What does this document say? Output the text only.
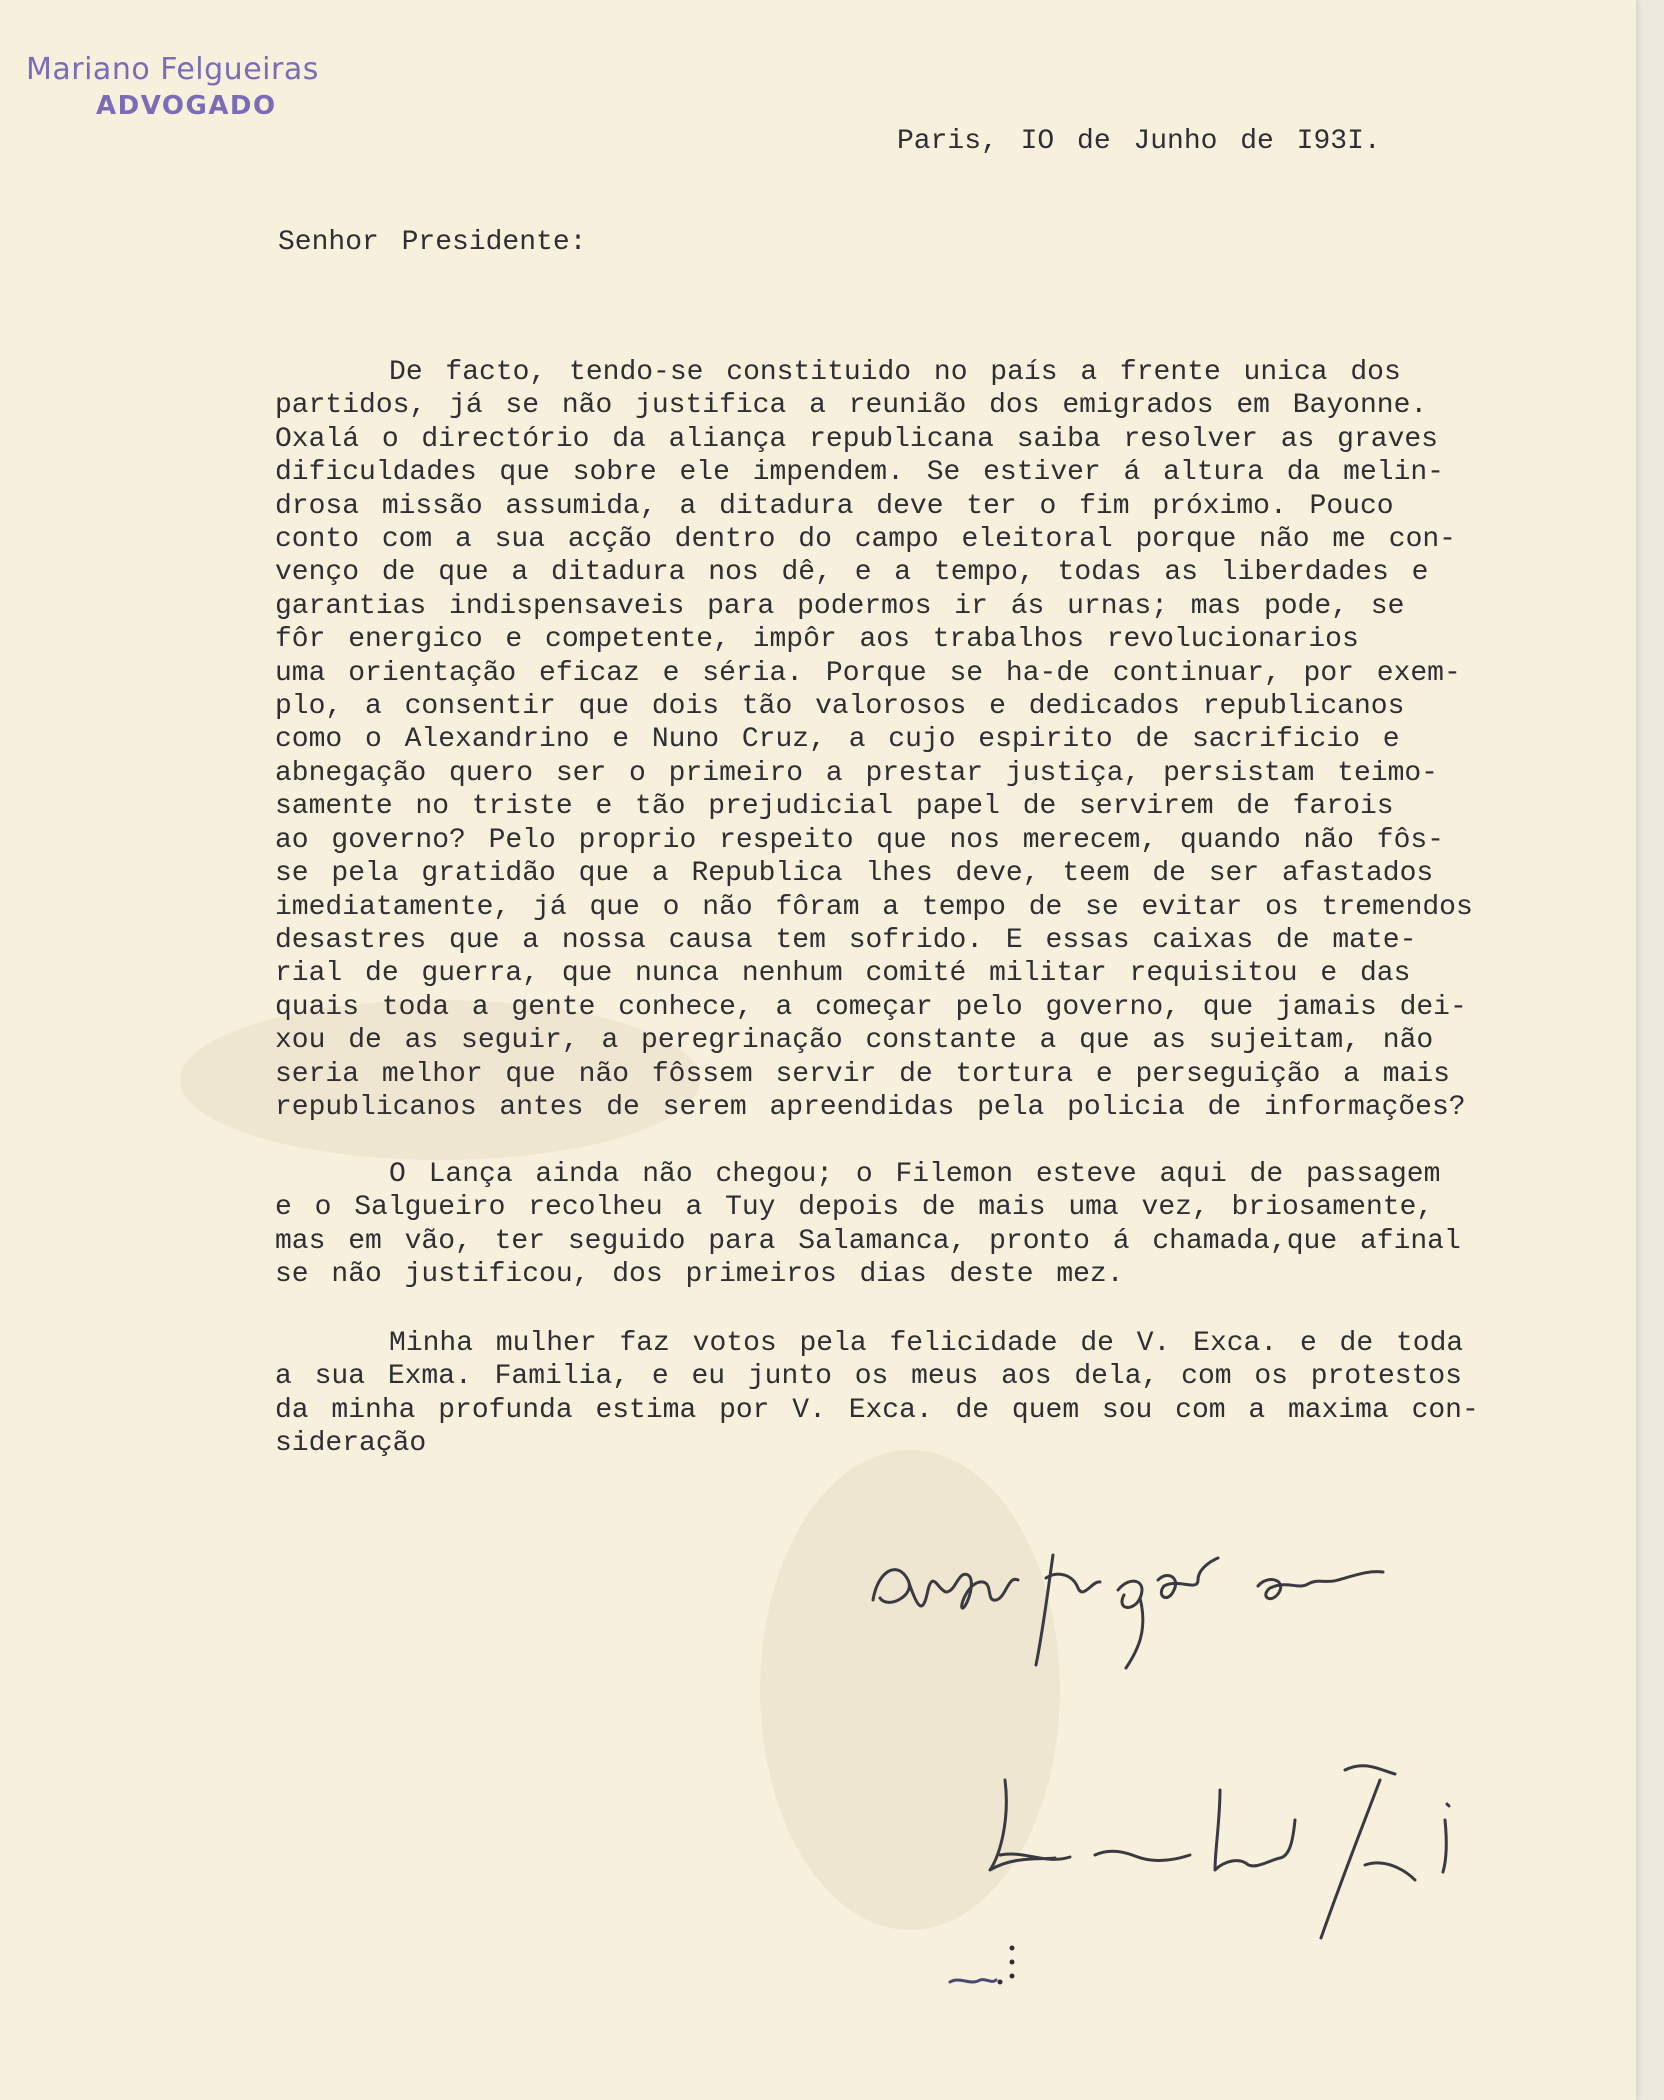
Mariano Felgueiras
ADVOGADO
Paris, IO de Junho de I93I.
Senhor Presidente:

De facto, tendo-se constituido no país a frente unica dos
partidos, já se não justifica a reunião dos emigrados em Bayonne.
Oxalá o directório da aliança republicana saiba resolver as graves
dificuldades que sobre ele impendem. Se estiver á altura da melin-
drosa missão assumida, a ditadura deve ter o fim próximo. Pouco
conto com a sua acção dentro do campo eleitoral porque não me con-
venço de que a ditadura nos dê, e a tempo, todas as liberdades e
garantias indispensaveis para podermos ir ás urnas; mas pode, se
fôr energico e competente, impôr aos trabalhos revolucionarios
uma orientação eficaz e séria. Porque se ha-de continuar, por exem-
plo, a consentir que dois tão valorosos e dedicados republicanos
como o Alexandrino e Nuno Cruz, a cujo espirito de sacrificio e
abnegação quero ser o primeiro a prestar justiça, persistam teimo-
samente no triste e tão prejudicial papel de servirem de farois
ao governo? Pelo proprio respeito que nos merecem, quando não fôs-
se pela gratidão que a Republica lhes deve, teem de ser afastados
imediatamente, já que o não fôram a tempo de se evitar os tremendos
desastres que a nossa causa tem sofrido. E essas caixas de mate-
rial de guerra, que nunca nenhum comité militar requisitou e das
quais toda a gente conhece, a começar pelo governo, que jamais dei-
xou de as seguir, a peregrinação constante a que as sujeitam, não
seria melhor que não fôssem servir de tortura e perseguição a mais
republicanos antes de serem apreendidas pela policia de informações?

O Lança ainda não chegou; o Filemon esteve aqui de passagem
e o Salgueiro recolheu a Tuy depois de mais uma vez, briosamente,
mas em vão, ter seguido para Salamanca, pronto á chamada,que afinal
se não justificou, dos primeiros dias deste mez.

Minha mulher faz votos pela felicidade de V. Exca. e de toda
a sua Exma. Familia, e eu junto os meus aos dela, com os protestos
da minha profunda estima por V. Exca. de quem sou com a maxima con-
sideração
